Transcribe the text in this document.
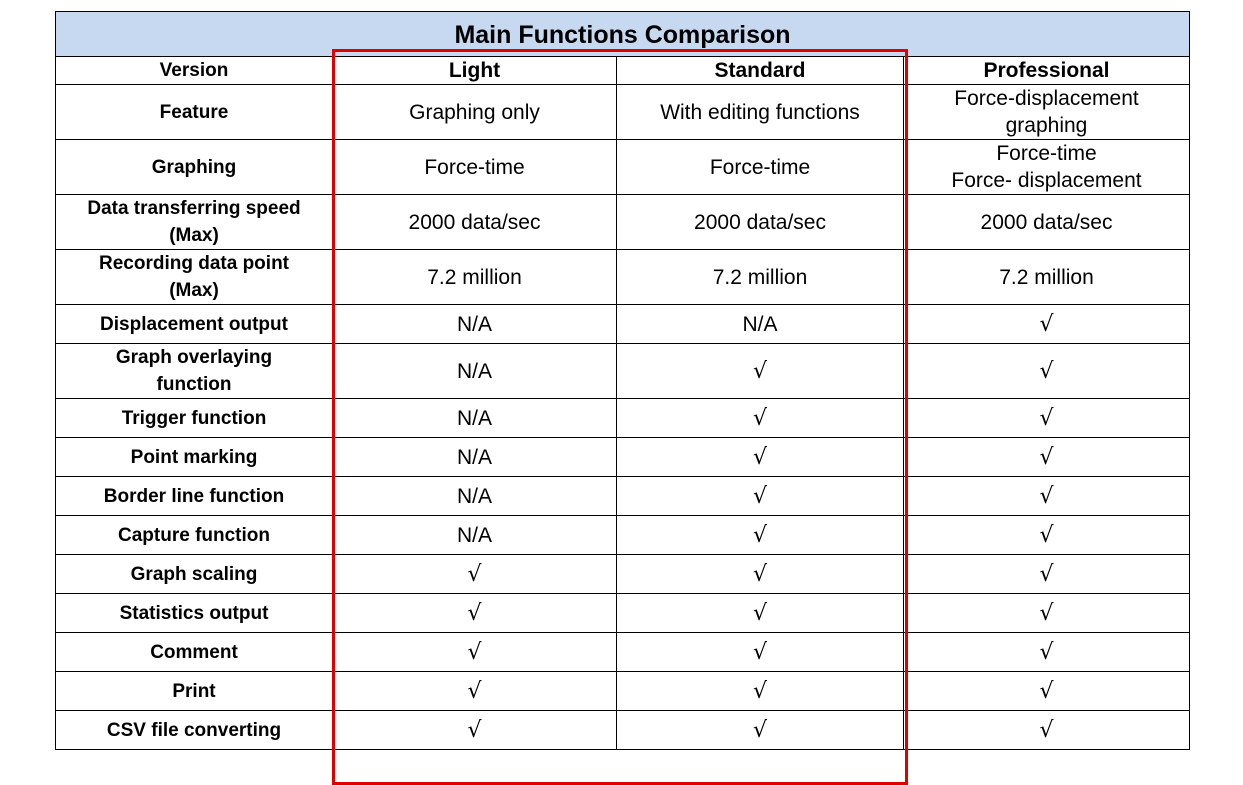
Main Functions Comparison			
Version	Light	Standard	Professional

Feature	Graphing only	With editing functions	Force-displacement
graphing

Graphing	Force-time	Force-time	Force-time
Force- displacement

Data transferring speed
(Max)	2000 data/sec	2000 data/sec	2000 data/sec

Recording data point
(Max)	7.2 million	7.2 million	7.2 million

Displacement output	N/A	N/A	√

Graph overlaying
function	N/A	√	√

Trigger function	N/A	√	√

Point marking	N/A	√	√

Border line function	N/A	√	√

Capture function	N/A	√	√

Graph scaling	√	√	√

Statistics output	√	√	√

Comment	√	√	√

Print	√	√	√

CSV file converting	√	√	√
